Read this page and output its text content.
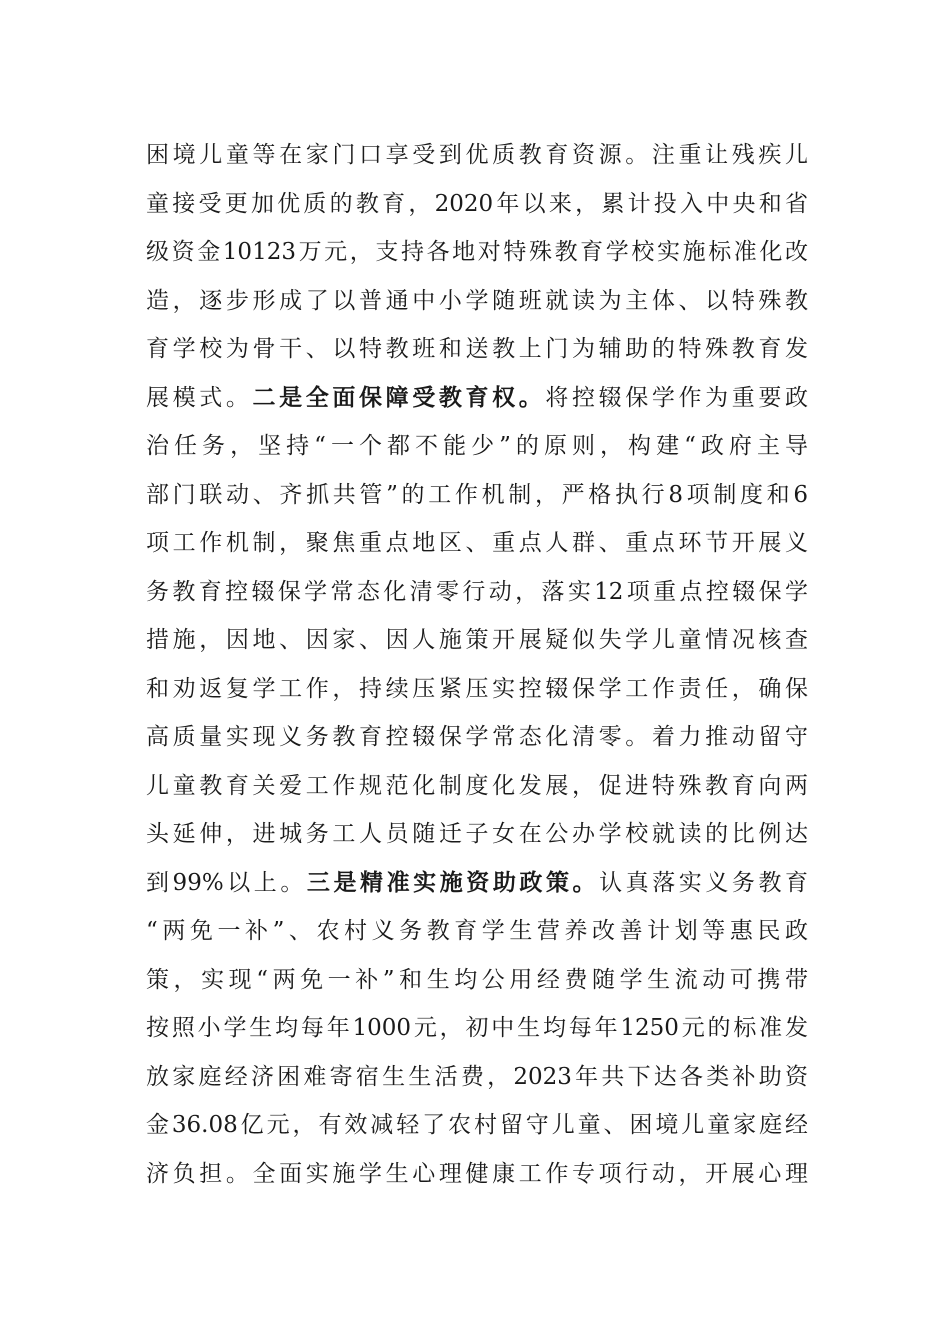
困境儿童等在家门口享受到优质教育资源。注重让残疾儿
童接受更加优质的教育，2020年以来，累计投入中央和省
级资金10123万元，支持各地对特殊教育学校实施标准化改
造，逐步形成了以普通中小学随班就读为主体、以特殊教
育学校为骨干、以特教班和送教上门为辅助的特殊教育发
展模式。二是全面保障受教育权。将控辍保学作为重要政
治任务，坚持“一个都不能少”的原则，构建“政府主导
部门联动、齐抓共管”的工作机制，严格执行8项制度和6
项工作机制，聚焦重点地区、重点人群、重点环节开展义
务教育控辍保学常态化清零行动，落实12项重点控辍保学
措施，因地、因家、因人施策开展疑似失学儿童情况核查
和劝返复学工作，持续压紧压实控辍保学工作责任，确保
高质量实现义务教育控辍保学常态化清零。着力推动留守
儿童教育关爱工作规范化制度化发展，促进特殊教育向两
头延伸，进城务工人员随迁子女在公办学校就读的比例达
到99%以上。三是精准实施资助政策。认真落实义务教育
“两免一补”、农村义务教育学生营养改善计划等惠民政
策，实现“两免一补”和生均公用经费随学生流动可携带
按照小学生均每年1000元，初中生均每年1250元的标准发
放家庭经济困难寄宿生生活费，2023年共下达各类补助资
金36.08亿元，有效减轻了农村留守儿童、困境儿童家庭经
济负担。全面实施学生心理健康工作专项行动，开展心理
